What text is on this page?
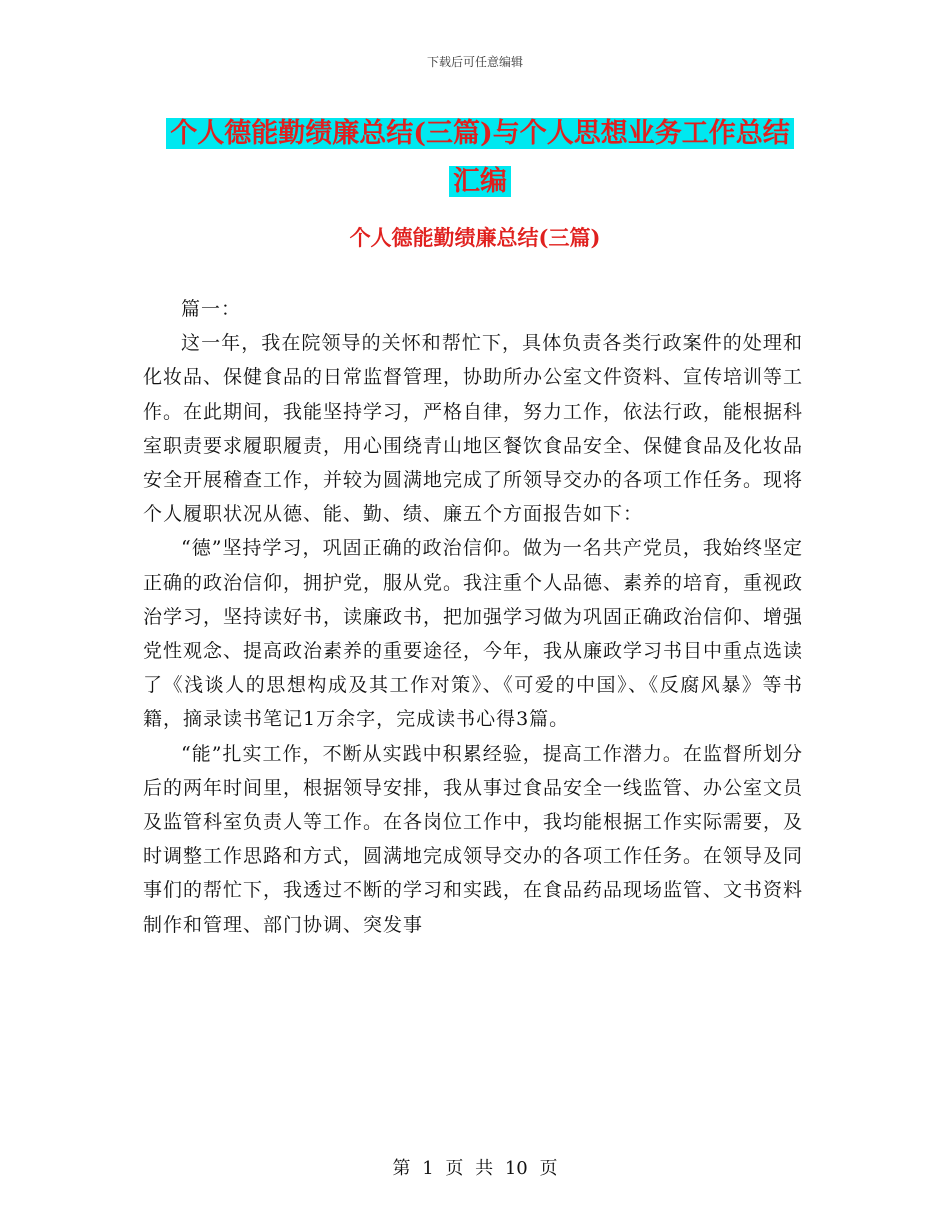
下载后可任意编辑
个人德能勤绩廉总结(三篇)与个人思想业务工作总结
汇编
个人德能勤绩廉总结(三篇)

篇一：

这一年，我在院领导的关怀和帮忙下，具体负责各类行政案件的处理和化妆品、保健食品的日常监督管理，协助所办公室文件资料、宣传培训等工作。在此期间，我能坚持学习，严格自律，努力工作，依法行政，能根据科室职责要求履职履责，用心围绕青山地区餐饮食品安全、保健食品及化妆品安全开展稽查工作，并较为圆满地完成了所领导交办的各项工作任务。现将个人履职状况从德、能、勤、绩、廉五个方面报告如下：

“德”坚持学习，巩固正确的政治信仰。做为一名共产党员，我始终坚定正确的政治信仰，拥护党，服从党。我注重个人品德、素养的培育，重视政治学习，坚持读好书，读廉政书，把加强学习做为巩固正确政治信仰、增强党性观念、提高政治素养的重要途径，今年，我从廉政学习书目中重点选读了《浅谈人的思想构成及其工作对策》、《可爱的中国》、《反腐风暴》等书籍，摘录读书笔记1万余字，完成读书心得3篇。

“能”扎实工作，不断从实践中积累经验，提高工作潜力。在监督所划分后的两年时间里，根据领导安排，我从事过食品安全一线监管、办公室文员及监管科室负责人等工作。在各岗位工作中，我均能根据工作实际需要，及时调整工作思路和方式，圆满地完成领导交办的各项工作任务。在领导及同事们的帮忙下，我透过不断的学习和实践，在食品药品现场监管、文书资料制作和管理、部门协调、突发事

第 1 页 共 10 页
